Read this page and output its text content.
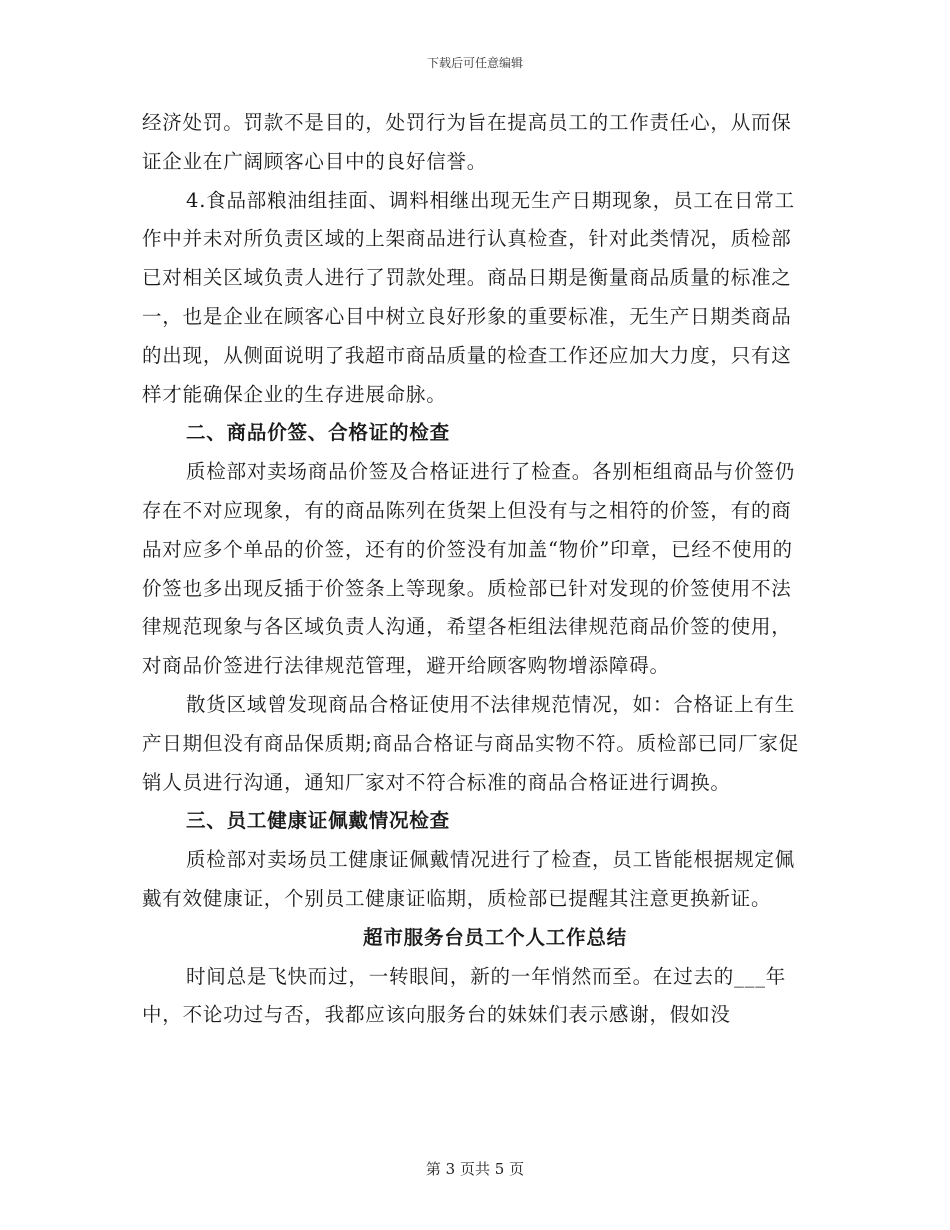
下载后可任意编辑

经济处罚。罚款不是目的，处罚行为旨在提高员工的工作责任心，从而保证企业在广阔顾客心目中的良好信誉。

4.食品部粮油组挂面、调料相继出现无生产日期现象，员工在日常工作中并未对所负责区域的上架商品进行认真检查，针对此类情况，质检部已对相关区域负责人进行了罚款处理。商品日期是衡量商品质量的标准之一，也是企业在顾客心目中树立良好形象的重要标准，无生产日期类商品的出现，从侧面说明了我超市商品质量的检查工作还应加大力度，只有这样才能确保企业的生存进展命脉。

二、商品价签、合格证的检查

质检部对卖场商品价签及合格证进行了检查。各别柜组商品与价签仍存在不对应现象，有的商品陈列在货架上但没有与之相符的价签，有的商品对应多个单品的价签，还有的价签没有加盖“物价”印章，已经不使用的价签也多出现反插于价签条上等现象。质检部已针对发现的价签使用不法律规范现象与各区域负责人沟通，希望各柜组法律规范商品价签的使用，对商品价签进行法律规范管理，避开给顾客购物增添障碍。

散货区域曾发现商品合格证使用不法律规范情况，如：合格证上有生产日期但没有商品保质期;商品合格证与商品实物不符。质检部已同厂家促销人员进行沟通，通知厂家对不符合标准的商品合格证进行调换。

三、员工健康证佩戴情况检查

质检部对卖场员工健康证佩戴情况进行了检查，员工皆能根据规定佩戴有效健康证，个别员工健康证临期，质检部已提醒其注意更换新证。

超市服务台员工个人工作总结

时间总是飞快而过，一转眼间，新的一年悄然而至。在过去的___年中，不论功过与否，我都应该向服务台的妹妹们表示感谢，假如没

第 3 页共 5 页
